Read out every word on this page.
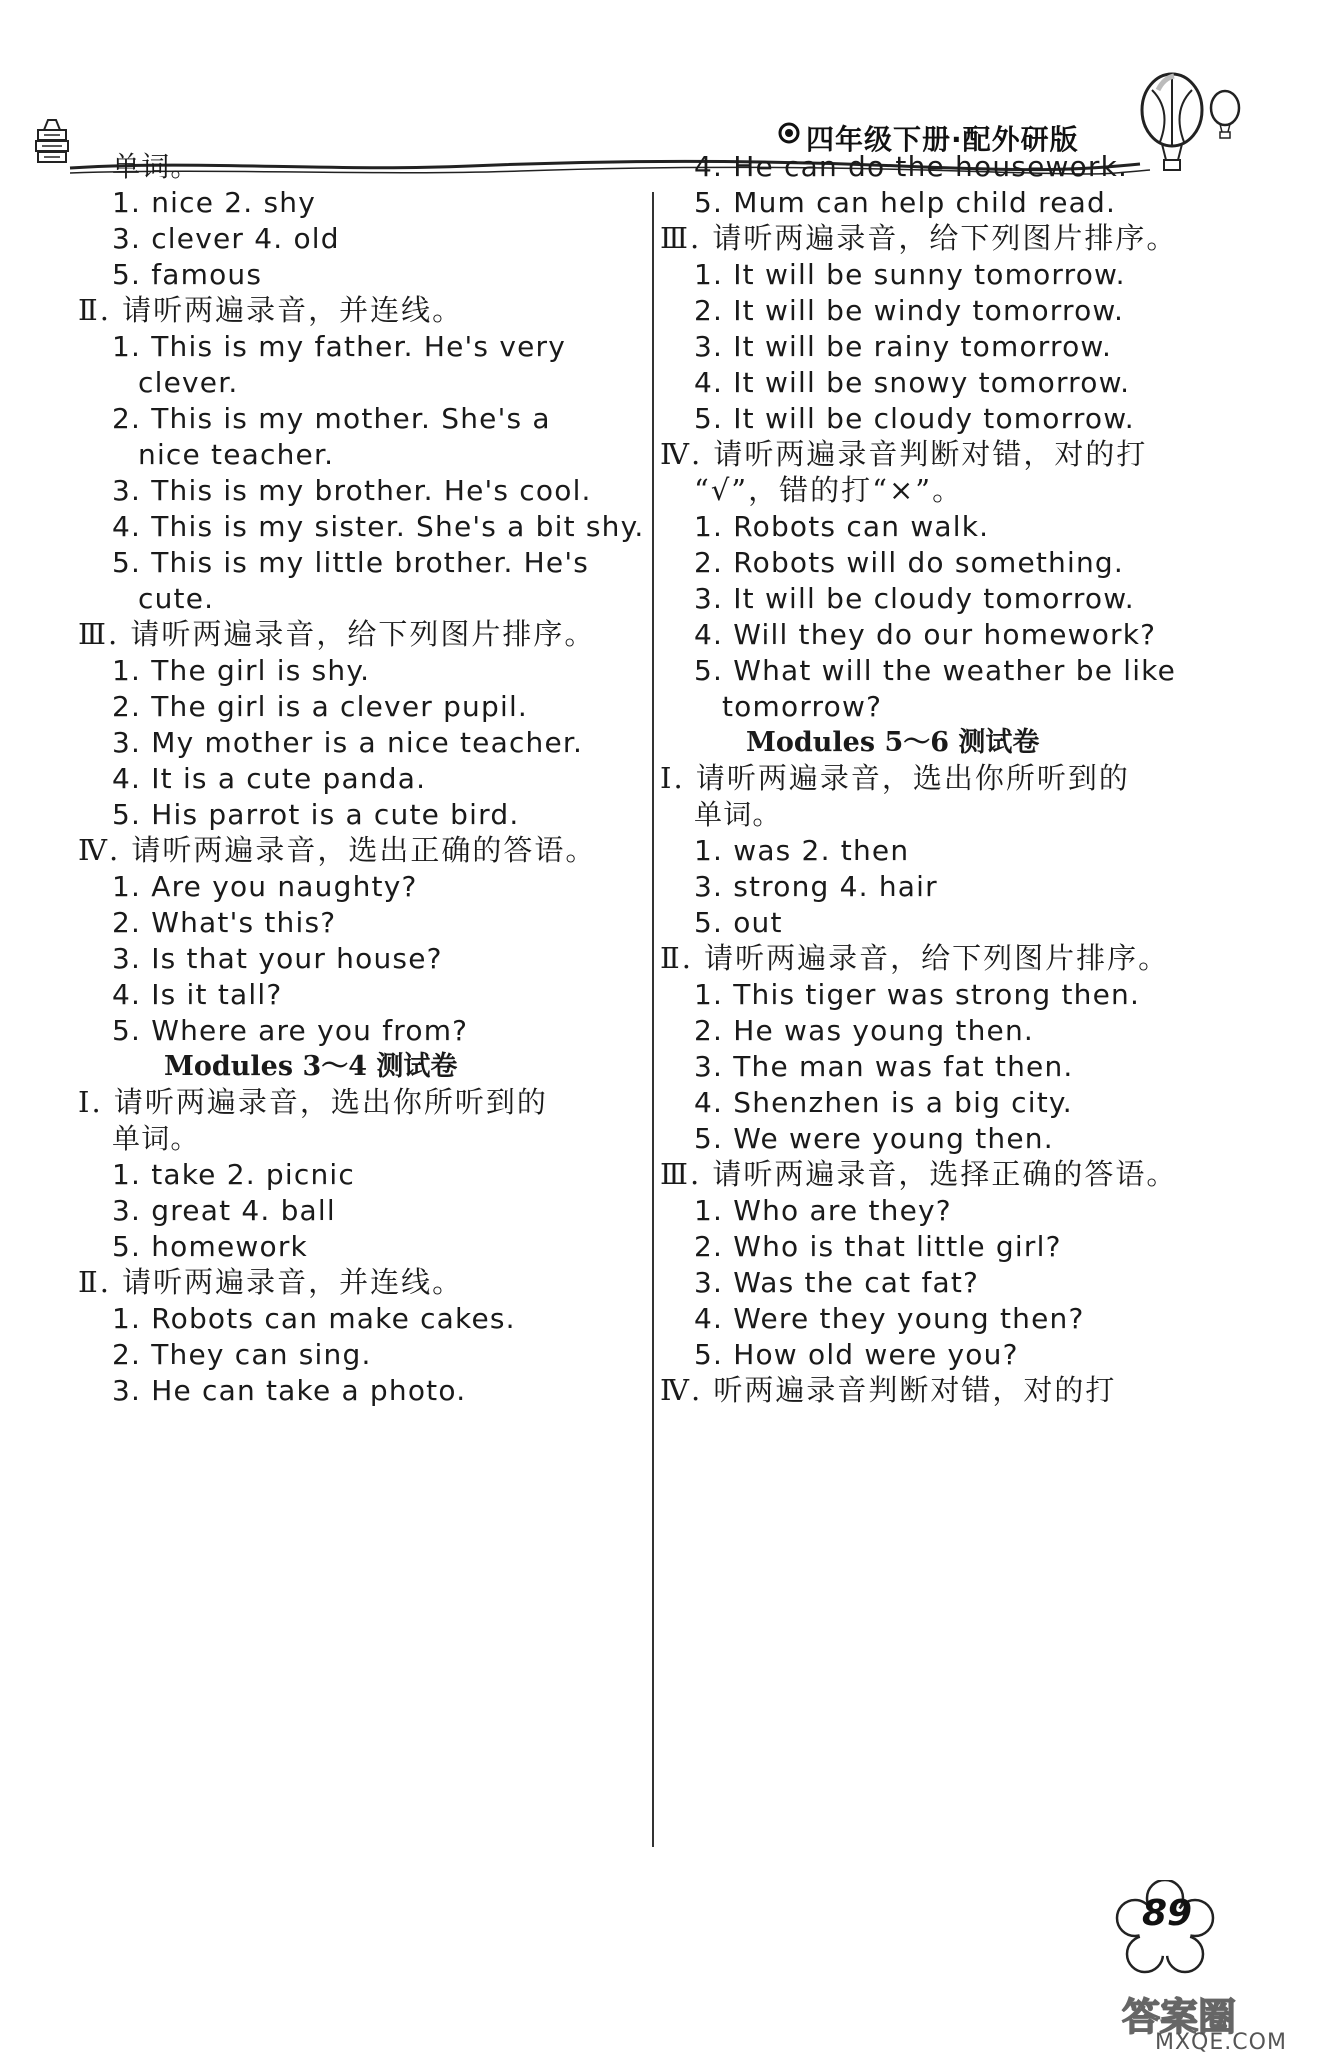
四年级下册·配外研版
单词。
1. nice 2. shy
3. clever 4. old
5. famous
Ⅱ. 请听两遍录音，并连线。
1. This is my father. He's very
clever.
2. This is my mother. She's a
nice teacher.
3. This is my brother. He's cool.
4. This is my sister. She's a bit shy.
5. This is my little brother. He's
cute.
Ⅲ. 请听两遍录音，给下列图片排序。
1. The girl is shy.
2. The girl is a clever pupil.
3. My mother is a nice teacher.
4. It is a cute panda.
5. His parrot is a cute bird.
Ⅳ. 请听两遍录音，选出正确的答语。
1. Are you naughty?
2. What's this?
3. Is that your house?
4. Is it tall?
5. Where are you from?
Modules 3～4 测试卷
Ⅰ. 请听两遍录音，选出你所听到的
单词。
1. take 2. picnic
3. great 4. ball
5. homework
Ⅱ. 请听两遍录音，并连线。
1. Robots can make cakes.
2. They can sing.
3. He can take a photo.
4. He can do the housework.
5. Mum can help child read.
Ⅲ. 请听两遍录音，给下列图片排序。
1. It will be sunny tomorrow.
2. It will be windy tomorrow.
3. It will be rainy tomorrow.
4. It will be snowy tomorrow.
5. It will be cloudy tomorrow.
Ⅳ. 请听两遍录音判断对错，对的打
“√”，错的打“×”。
1. Robots can walk.
2. Robots will do something.
3. It will be cloudy tomorrow.
4. Will they do our homework?
5. What will the weather be like
tomorrow?
Modules 5～6 测试卷
Ⅰ. 请听两遍录音，选出你所听到的
单词。
1. was 2. then
3. strong 4. hair
5. out
Ⅱ. 请听两遍录音，给下列图片排序。
1. This tiger was strong then.
2. He was young then.
3. The man was fat then.
4. Shenzhen is a big city.
5. We were young then.
Ⅲ. 请听两遍录音，选择正确的答语。
1. Who are they?
2. Who is that little girl?
3. Was the cat fat?
4. Were they young then?
5. How old were you?
Ⅳ. 听两遍录音判断对错，对的打
89
答案圈
MXQE.COM
